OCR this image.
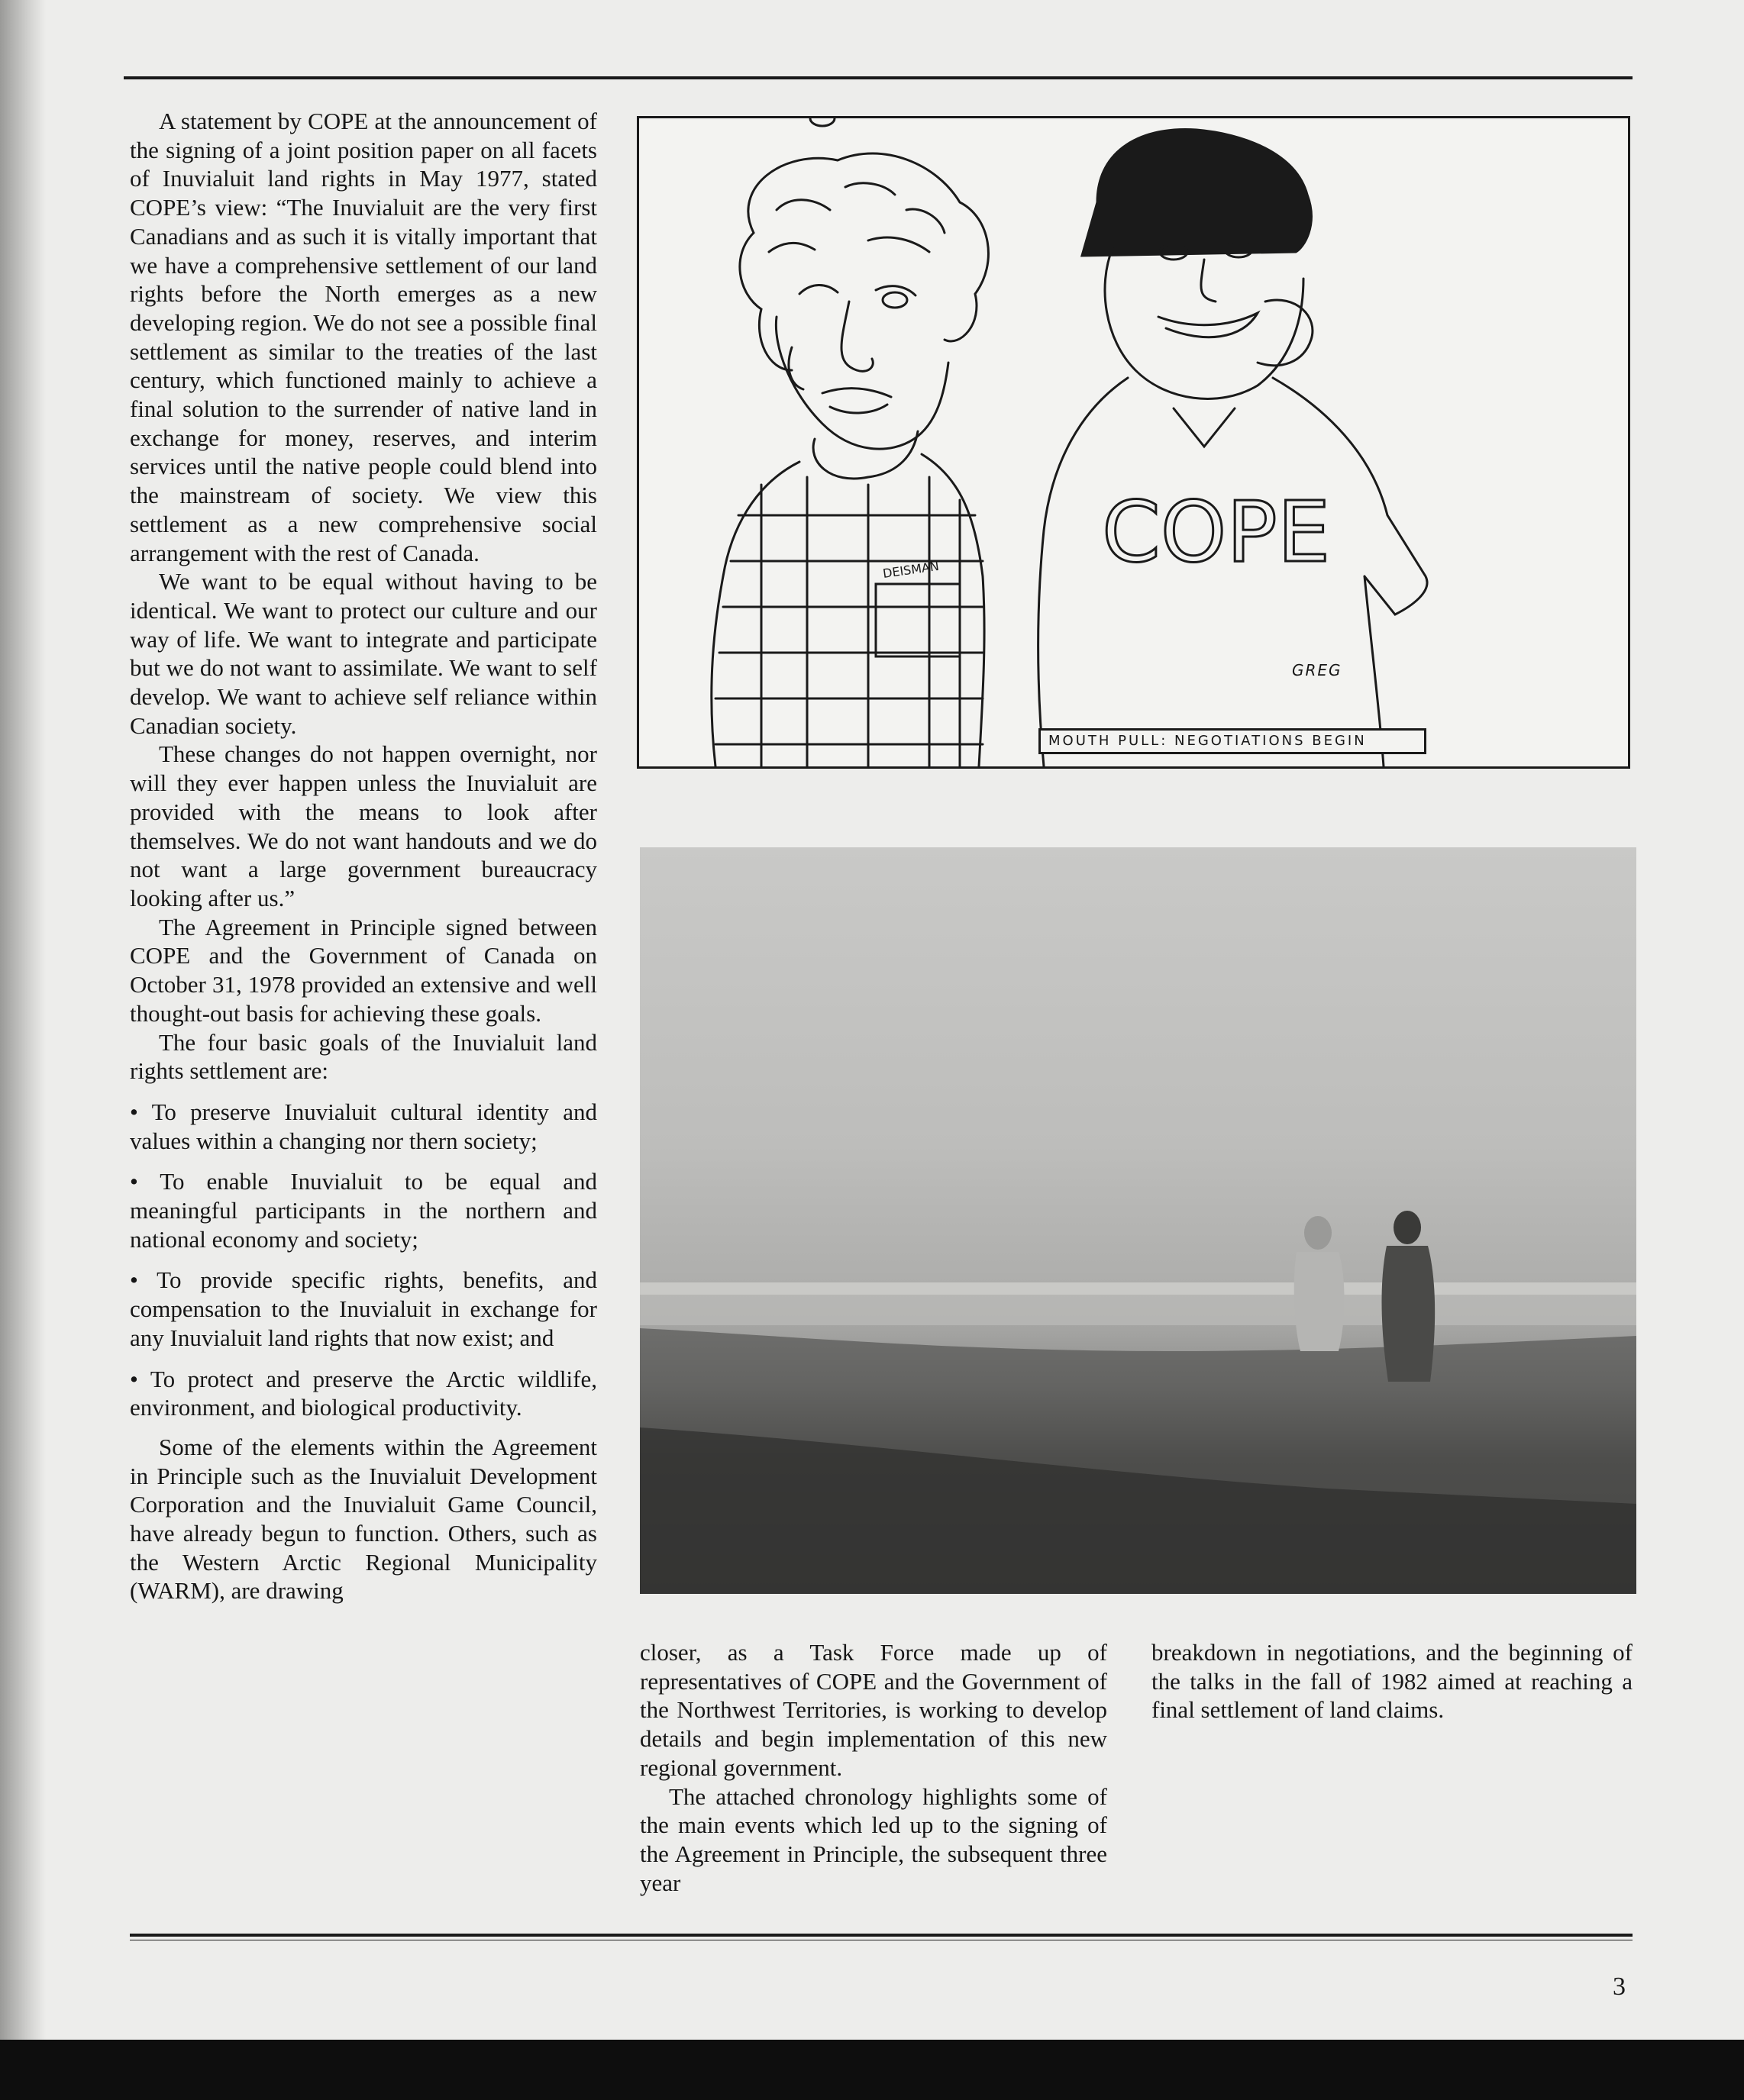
A statement by COPE at the announcement of the signing of a joint position paper on all facets of Inuvialuit land rights in May 1977, stated COPE’s view: “The Inuvialuit are the very first Canadians and as such it is vitally important that we have a comprehensive settlement of our land rights before the North emerges as a new developing region. We do not see a possible final settlement as similar to the treaties of the last century, which functioned mainly to achieve a final solution to the surrender of native land in exchange for money, reserves, and interim services until the native people could blend into the mainstream of society. We view this settlement as a new comprehensive social arrangement with the rest of Canada.

We want to be equal without having to be identical. We want to protect our culture and our way of life. We want to integrate and participate but we do not want to assimilate. We want to self develop. We want to achieve self reliance within Canadian society.

These changes do not happen overnight, nor will they ever happen unless the Inuvialuit are provided with the means to look after themselves. We do not want handouts and we do not want a large government bureaucracy looking after us.”

The Agreement in Principle signed between COPE and the Government of Canada on October 31, 1978 provided an extensive and well thought-out basis for achieving these goals.

The four basic goals of the Inuvialuit land rights settlement are:

• To preserve Inuvialuit cultural identity and values within a changing nor thern society;

• To enable Inuvialuit to be equal and meaningful participants in the northern and national economy and society;

• To provide specific rights, benefits, and compensation to the Inuvialuit in exchange for any Inuvialuit land rights that now exist; and

• To protect and preserve the Arctic wildlife, environment, and biological productivity.

Some of the elements within the Agreement in Principle such as the Inuvialuit Development Corporation and the Inuvialuit Game Council, have already begun to function. Others, such as the Western Arctic Regional Municipality (WARM), are drawing

closer, as a Task Force made up of representatives of COPE and the Government of the Northwest Territories, is working to develop details and begin implementation of this new regional government.

The attached chronology highlights some of the main events which led up to the signing of the Agreement in Principle, the subsequent three year

breakdown in negotiations, and the beginning of the talks in the fall of 1982 aimed at reaching a final settlement of land claims.

COPE
DEISMAN
GREG
MOUTH PULL: NEGOTIATIONS BEGIN
3
